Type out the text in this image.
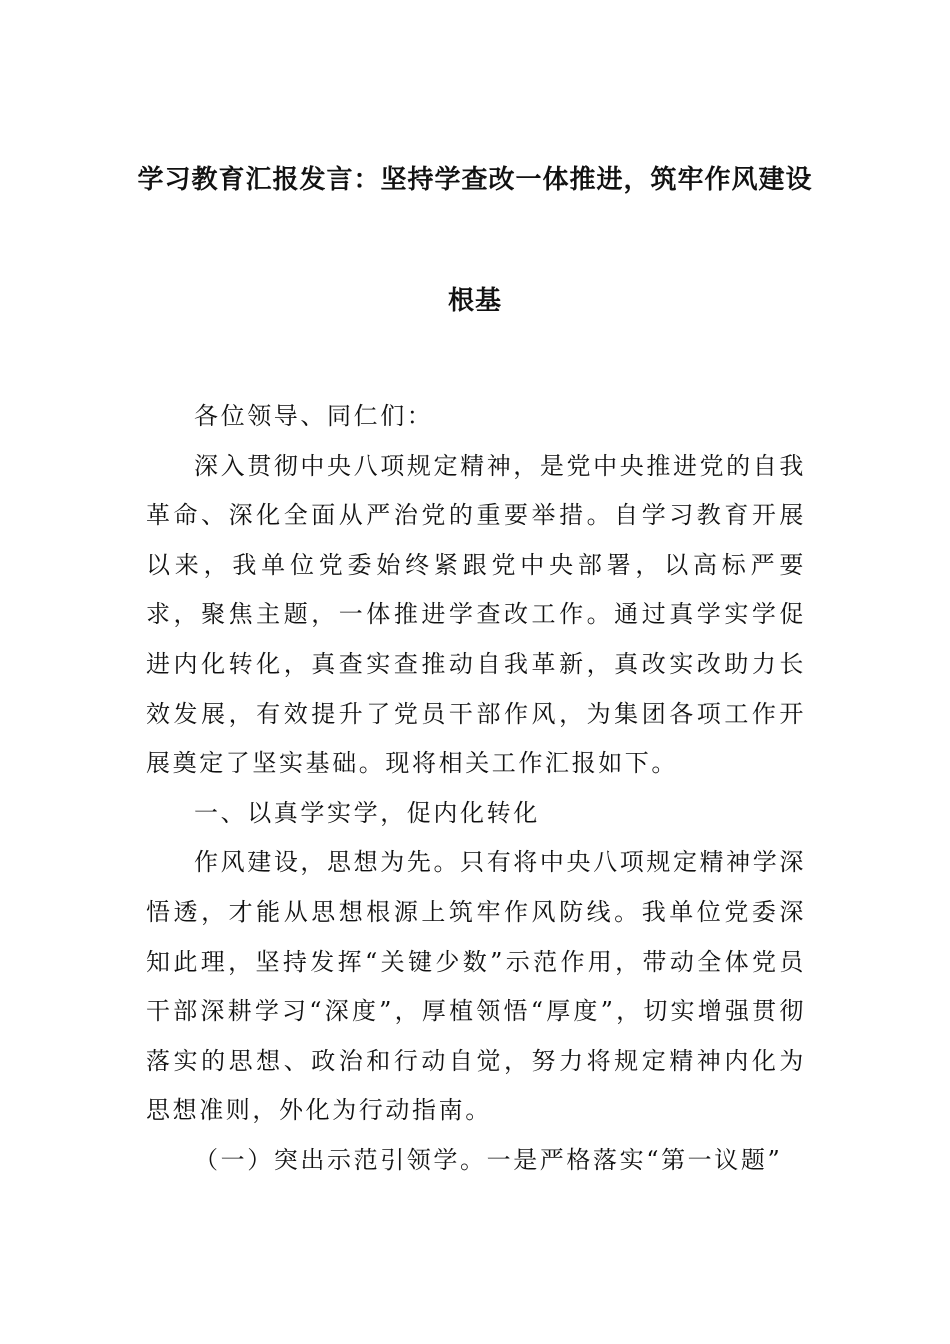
学习教育汇报发言：坚持学查改一体推进，筑牢作风建设
根基

各位领导、同仁们：

深入贯彻中央八项规定精神，是党中央推进党的自我革命、深化全面从严治党的重要举措。自学习教育开展以来，我单位党委始终紧跟党中央部署，以高标严要求，聚焦主题，一体推进学查改工作。通过真学实学促进内化转化，真查实查推动自我革新，真改实改助力长效发展，有效提升了党员干部作风，为集团各项工作开展奠定了坚实基础。现将相关工作汇报如下。

一、以真学实学，促内化转化

作风建设，思想为先。只有将中央八项规定精神学深悟透，才能从思想根源上筑牢作风防线。我单位党委深知此理，坚持发挥“关键少数”示范作用，带动全体党员干部深耕学习“深度”，厚植领悟“厚度”，切实增强贯彻落实的思想、政治和行动自觉，努力将规定精神内化为思想准则，外化为行动指南。

（一）突出示范引领学。一是严格落实“第一议题”
